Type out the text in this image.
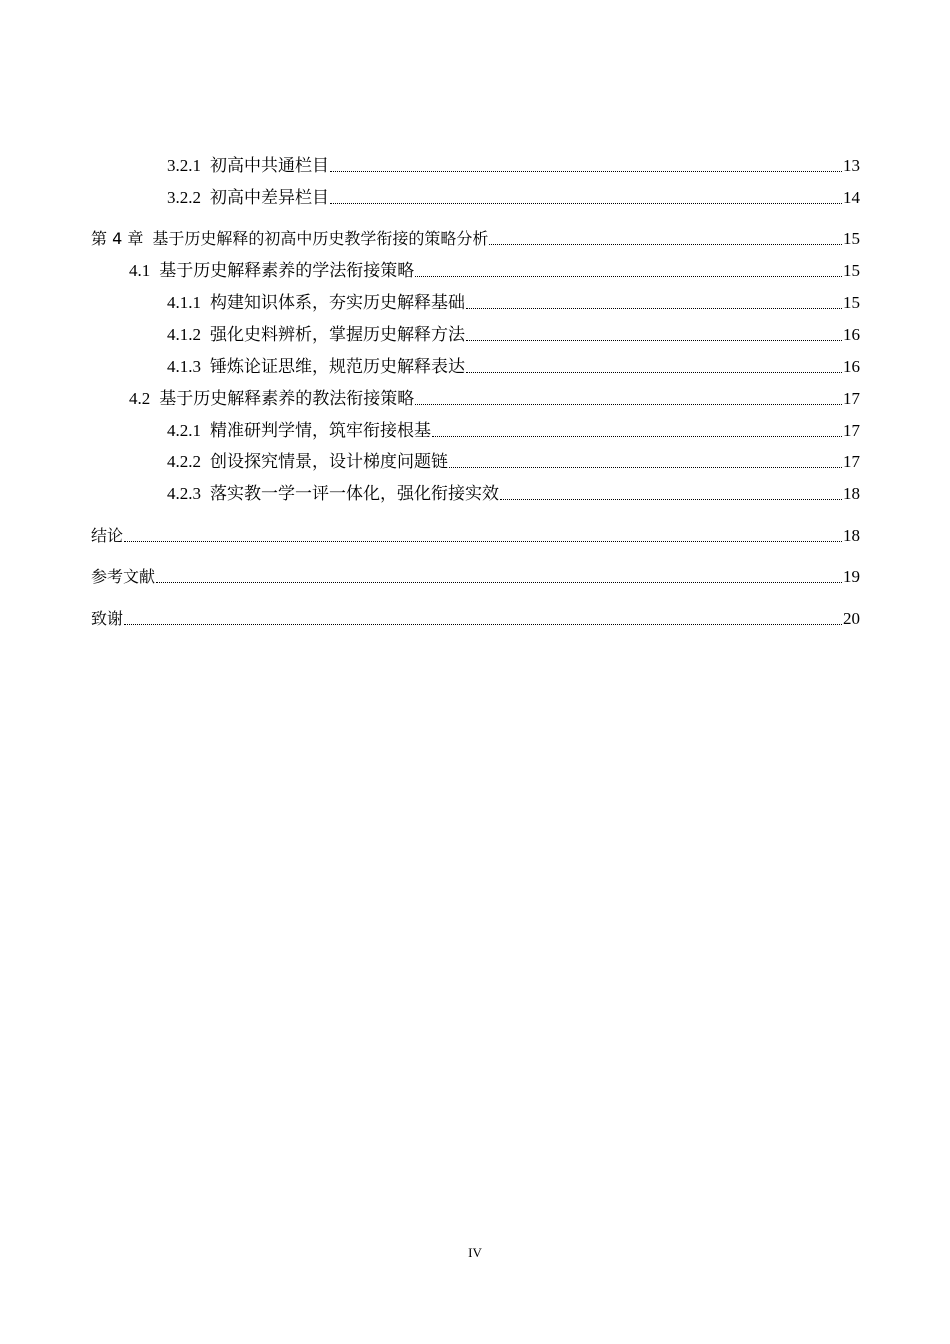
3.2.1 初高中共通栏目	13
3.2.2 初高中差异栏目	14
第 4 章 基于历史解释的初高中历史教学衔接的策略分析	15
4.1 基于历史解释素养的学法衔接策略	15
4.1.1 构建知识体系，夯实历史解释基础	15
4.1.2 强化史料辨析，掌握历史解释方法	16
4.1.3 锤炼论证思维，规范历史解释表达	16
4.2 基于历史解释素养的教法衔接策略	17
4.2.1 精准研判学情，筑牢衔接根基	17
4.2.2 创设探究情景，设计梯度问题链	17
4.2.3 落实教一学一评一体化，强化衔接实效	18
结论	18
参考文献	19
致谢	20
IV
